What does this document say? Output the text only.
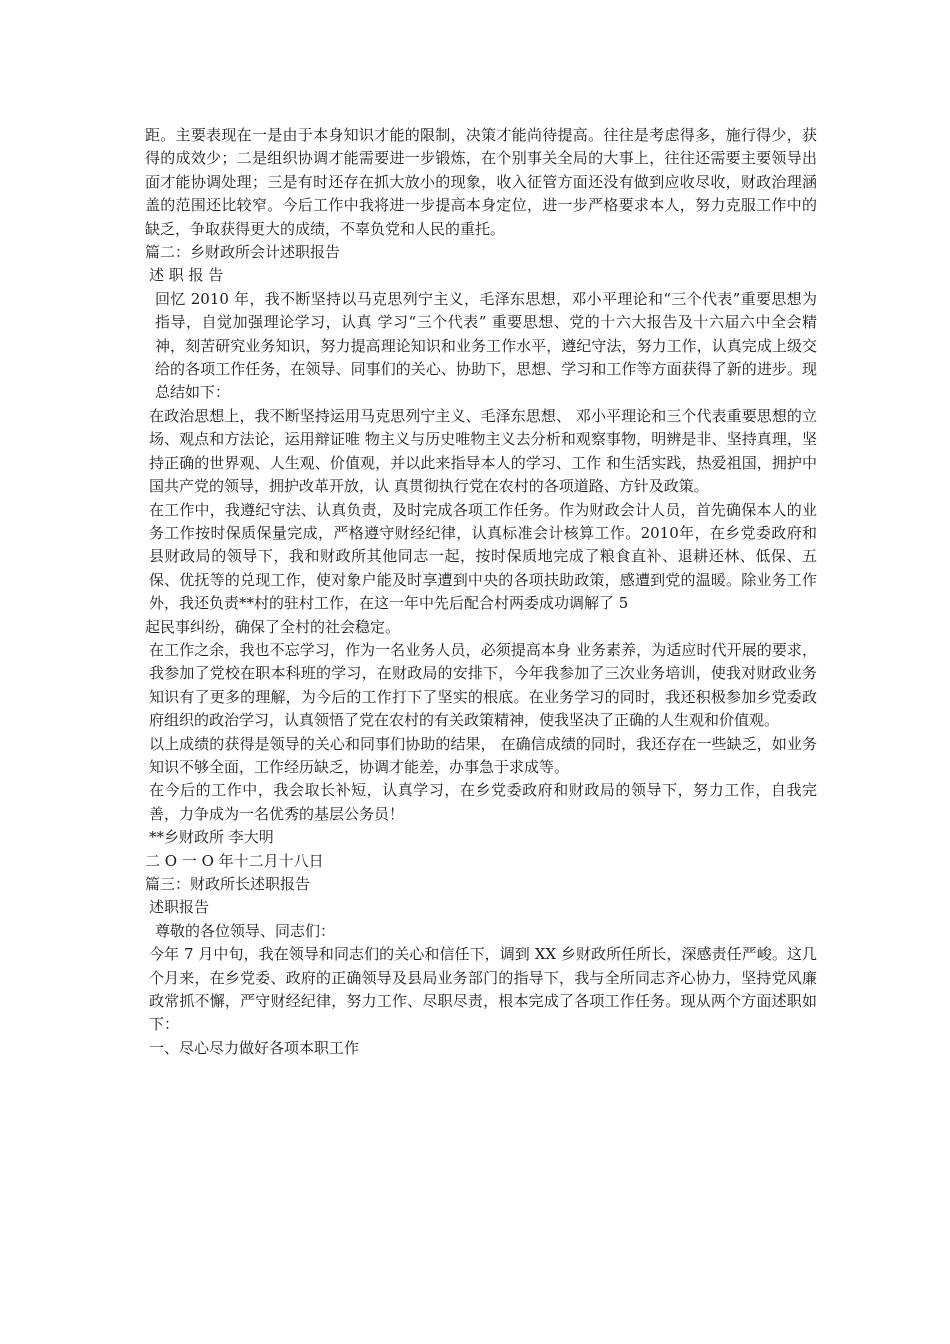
距。主要表现在一是由于本身知识才能的限制，决策才能尚待提高。往往是考虑得多，施行得少，获得的成效少；二是组织协调才能需要进一步锻炼，在个别事关全局的大事上，往往还需要主要领导出面才能协调处理；三是有时还存在抓大放小的现象，收入征管方面还没有做到应收尽收，财政治理涵盖的范围还比较窄。今后工作中我将进一步提高本身定位，进一步严格要求本人，努力克服工作中的缺乏，争取获得更大的成绩，不辜负党和人民的重托。

篇二：乡财政所会计述职报告

述 职 报 告

回忆 2010 年，我不断坚持以马克思列宁主义，毛泽东思想，邓小平理论和“三个代表”重要思想为指导，自觉加强理论学习，认真 学习“三个代表” 重要思想、党的十六大报告及十六届六中全会精神，刻苦研究业务知识，努力提高理论知识和业务工作水平，遵纪守法，努力工作，认真完成上级交给的各项工作任务，在领导、同事们的关心、协助下，思想、学习和工作等方面获得了新的进步。现总结如下：

在政治思想上，我不断坚持运用马克思列宁主义、毛泽东思想、 邓小平理论和三个代表重要思想的立场、观点和方法论，运用辩证唯 物主义与历史唯物主义去分析和观察事物，明辨是非、坚持真理，坚 持正确的世界观、人生观、价值观，并以此来指导本人的学习、工作 和生活实践，热爱祖国，拥护中国共产党的领导，拥护改革开放，认 真贯彻执行党在农村的各项道路、方针及政策。

在工作中，我遵纪守法、认真负责，及时完成各项工作任务。作为财政会计人员，首先确保本人的业务工作按时保质保量完成，严格遵守财经纪律，认真标准会计核算工作。2010年，在乡党委政府和县财政局的领导下，我和财政所其他同志一起，按时保质地完成了粮食直补、退耕还林、低保、五保、优抚等的兑现工作，使对象户能及时享遭到中央的各项扶助政策，感遭到党的温暖。除业务工作外，我还负责**村的驻村工作，在这一年中先后配合村两委成功调解了 5

起民事纠纷，确保了全村的社会稳定。

在工作之余，我也不忘学习，作为一名业务人员，必须提高本身 业务素养，为适应时代开展的要求，我参加了党校在职本科班的学习，在财政局的安排下，今年我参加了三次业务培训，使我对财政业务知识有了更多的理解，为今后的工作打下了坚实的根底。在业务学习的同时，我还积极参加乡党委政府组织的政治学习，认真领悟了党在农村的有关政策精神，使我坚决了正确的人生观和价值观。

以上成绩的获得是领导的关心和同事们协助的结果， 在确信成绩的同时，我还存在一些缺乏，如业务知识不够全面，工作经历缺乏，协调才能差，办事急于求成等。

在今后的工作中，我会取长补短，认真学习，在乡党委政府和财政局的领导下，努力工作，自我完善，力争成为一名优秀的基层公务员！

**乡财政所 李大明

二 O 一 O 年十二月十八日

篇三：财政所长述职报告

述职报告

尊敬的各位领导、同志们：

今年 7 月中旬，我在领导和同志们的关心和信任下，调到 XX 乡财政所任所长，深感责任严峻。这几个月来，在乡党委、政府的正确领导及县局业务部门的指导下，我与全所同志齐心协力，坚持党风廉政常抓不懈，严守财经纪律，努力工作、尽职尽责，根本完成了各项工作任务。现从两个方面述职如下：

一、尽心尽力做好各项本职工作
